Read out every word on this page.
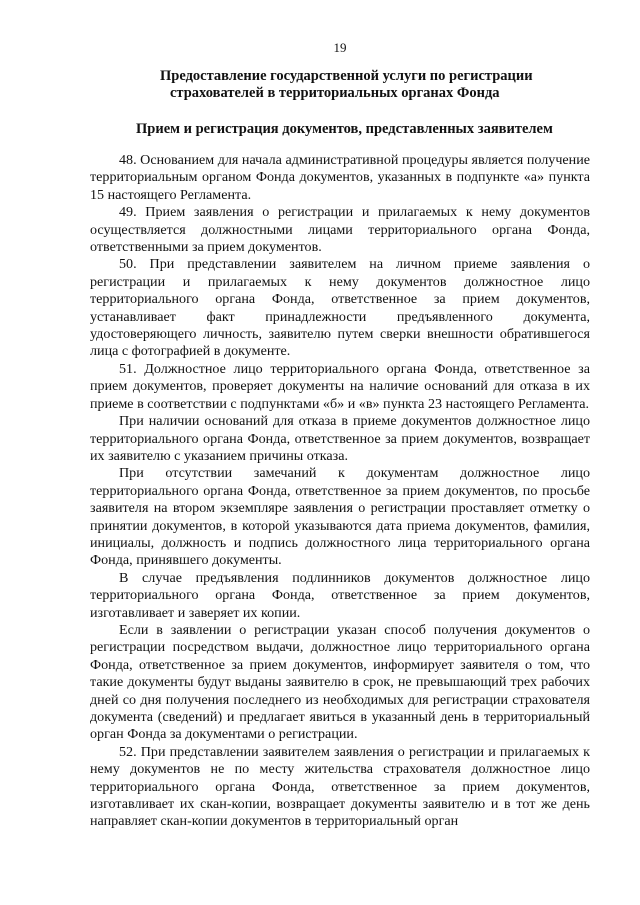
19
Предоставление государственной услуги по регистрации
страхователей в территориальных органах Фонда
Прием и регистрация документов, представленных заявителем

48. Основанием для начала административной процедуры является получение территориальным органом Фонда документов, указанных в подпункте «а» пункта 15 настоящего Регламента.

49. Прием заявления о регистрации и прилагаемых к нему документов осуществляется должностными лицами территориального органа Фонда, ответственными за прием документов.

50. При представлении заявителем на личном приеме заявления о регистрации и прилагаемых к нему документов должностное лицо территориального органа Фонда, ответственное за прием документов, устанавливает факт принадлежности предъявленного документа, удостоверяющего личность, заявителю путем сверки внешности обратившегося лица с фотографией в документе.

51. Должностное лицо территориального органа Фонда, ответственное за прием документов, проверяет документы на наличие оснований для отказа в их приеме в соответствии с подпунктами «б» и «в» пункта 23 настоящего Регламента.

При наличии оснований для отказа в приеме документов должностное лицо территориального органа Фонда, ответственное за прием документов, возвращает их заявителю с указанием причины отказа.

При отсутствии замечаний к документам должностное лицо территориального органа Фонда, ответственное за прием документов, по просьбе заявителя на втором экземпляре заявления о регистрации проставляет отметку о принятии документов, в которой указываются дата приема документов, фамилия, инициалы, должность и подпись должностного лица территориального органа Фонда, принявшего документы.

В случае предъявления подлинников документов должностное лицо территориального органа Фонда, ответственное за прием документов, изготавливает и заверяет их копии.

Если в заявлении о регистрации указан способ получения документов о регистрации посредством выдачи, должностное лицо территориального органа Фонда, ответственное за прием документов, информирует заявителя о том, что такие документы будут выданы заявителю в срок, не превышающий трех рабочих дней со дня получения последнего из необходимых для регистрации страхователя документа (сведений) и предлагает явиться в указанный день в территориальный орган Фонда за документами о регистрации.

52. При представлении заявителем заявления о регистрации и прилагаемых к нему документов не по месту жительства страхователя должностное лицо территориального органа Фонда, ответственное за прием документов, изготавливает их скан-копии, возвращает документы заявителю и в тот же день направляет скан-копии документов в территориальный орган
